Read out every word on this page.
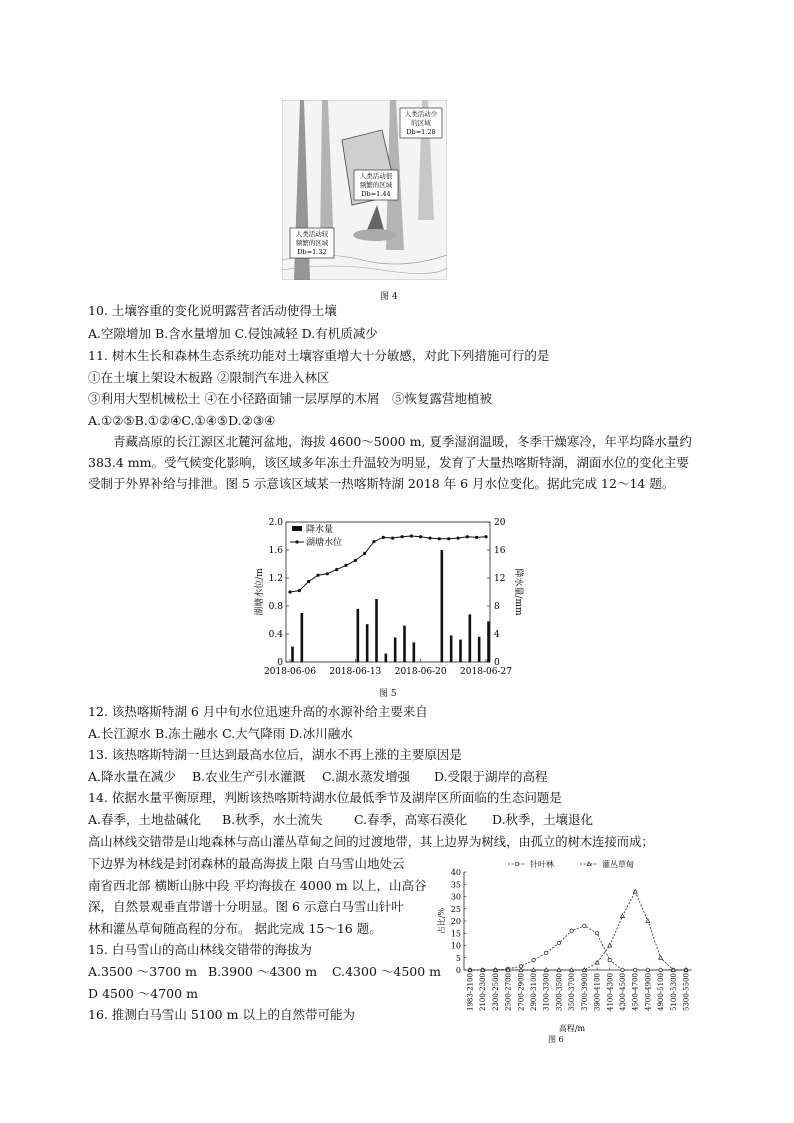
人类活动少
的区域
Db=1.28
人类活动很
频繁的区域
Db=1.44
人类活动较
频繁的区域
Db=1.32
图 4
10. 土壤容重的变化说明露营者活动使得土壤
A.空隙增加 B.含水量增加 C.侵蚀减轻 D.有机质减少
11. 树木生长和森林生态系统功能对土壤容重增大十分敏感，对此下列措施可行的是
①在土壤上架设木板路 ②限制汽车进入林区
③利用大型机械松土 ④在小径路面铺一层厚厚的木屑　⑤恢复露营地植被
A.①②⑤B.①②④C.①④⑤D.②③④
青藏高原的长江源区北麓河盆地，海拔 4600～5000 m, 夏季湿润温暖，冬季干燥寒冷，年平均降水量约 383.4 mm。受气候变化影响，该区域多年冻土升温较为明显，发育了大量热喀斯特湖，湖面水位的变化主要受制于外界补给与排泄。图 5 示意该区域某一热喀斯特湖 2018 年 6 月水位变化。据此完成 12～14 题。
0
0.4
0.8
1.2
1.6
2.0
0
4
8
12
16
20
2018-06-06 2018-06-13 2018-06-20 2018-06-27
湖塘水位/m	降水量/mm
降水量
湖塘水位
图 5
12. 该热喀斯特湖 6 月中旬水位迅速升高的水源补给主要来自
A.长江源水 B.冻土融水 C.大气降雨 D.冰川融水
13. 该热喀斯特湖一旦达到最高水位后，湖水不再上涨的主要原因是
A.降水量在减少 B.农业生产引水灌溉 C.湖水蒸发增强 D.受限于湖岸的高程
14. 依据水量平衡原理，判断该热喀斯特湖水位最低季节及湖岸区所面临的生态问题是
A.春季，土地盐碱化 B.秋季，水土流失	C.春季，高寒石漠化 D.秋季，土壤退化
高山林线交错带是山地森林与高山灌丛草甸之间的过渡地带，其上边界为树线，由孤立的树木连接而成；
下边界为林线是封闭森林的最高海拔上限 白马雪山地处云
南省西北部 横断山脉中段 平均海拔在 4000 m 以上，山高谷
深，自然景观垂直带谱十分明显。图 6 示意白马雪山针叶
林和灌丛草甸随高程的分布。 据此完成 15～16 题。
15. 白马雪山的高山林线交错带的海拔为
A.3500 ～3700 m B.3900 ～4300 m C.4300 ～4500 m
D 4500 ～4700 m
16. 推测白马雪山 5100 m 以上的自然带可能为
0
5
10
15
20
25
30
35
40
1983-2100 2100-2300 2300-2500 2500-2700 2700-2900 2900-3100 3100-3300 3300-3500 3500-3700 3700-3900 3900-4100 4100-4300 4300-4500 4500-4700 4700-4900 4900-5100 5100-5300 5300-5500
占比/%
高程/m
针叶林	灌丛草甸
图 6
